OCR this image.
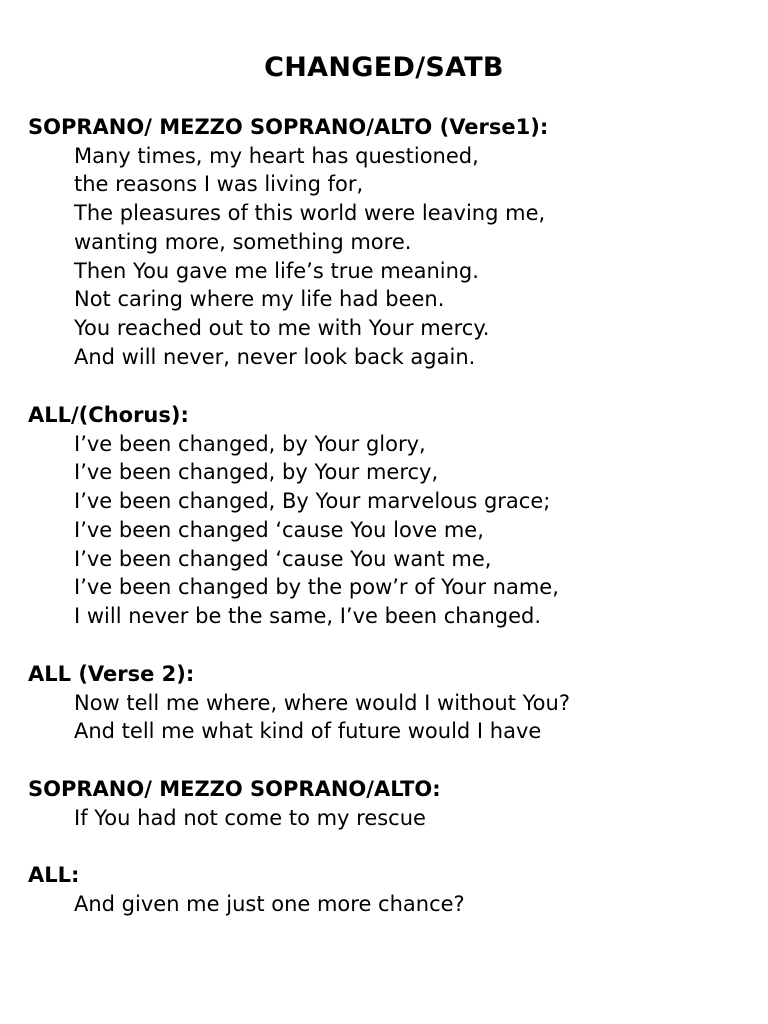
CHANGED/SATB
SOPRANO/ MEZZO SOPRANO/ALTO (Verse1):
Many times, my heart has questioned,
the reasons I was living for,
The pleasures of this world were leaving me,
wanting more, something more.
Then You gave me life’s true meaning.
Not caring where my life had been.
You reached out to me with Your mercy.
And will never, never look back again.
ALL/(Chorus):
I’ve been changed, by Your glory,
I’ve been changed, by Your mercy,
I’ve been changed, By Your marvelous grace;
I’ve been changed ‘cause You love me,
I’ve been changed ‘cause You want me,
I’ve been changed by the pow’r of Your name,
I will never be the same, I’ve been changed.
ALL (Verse 2):
Now tell me where, where would I without You?
And tell me what kind of future would I have
SOPRANO/ MEZZO SOPRANO/ALTO:
If You had not come to my rescue
ALL:
And given me just one more chance?
